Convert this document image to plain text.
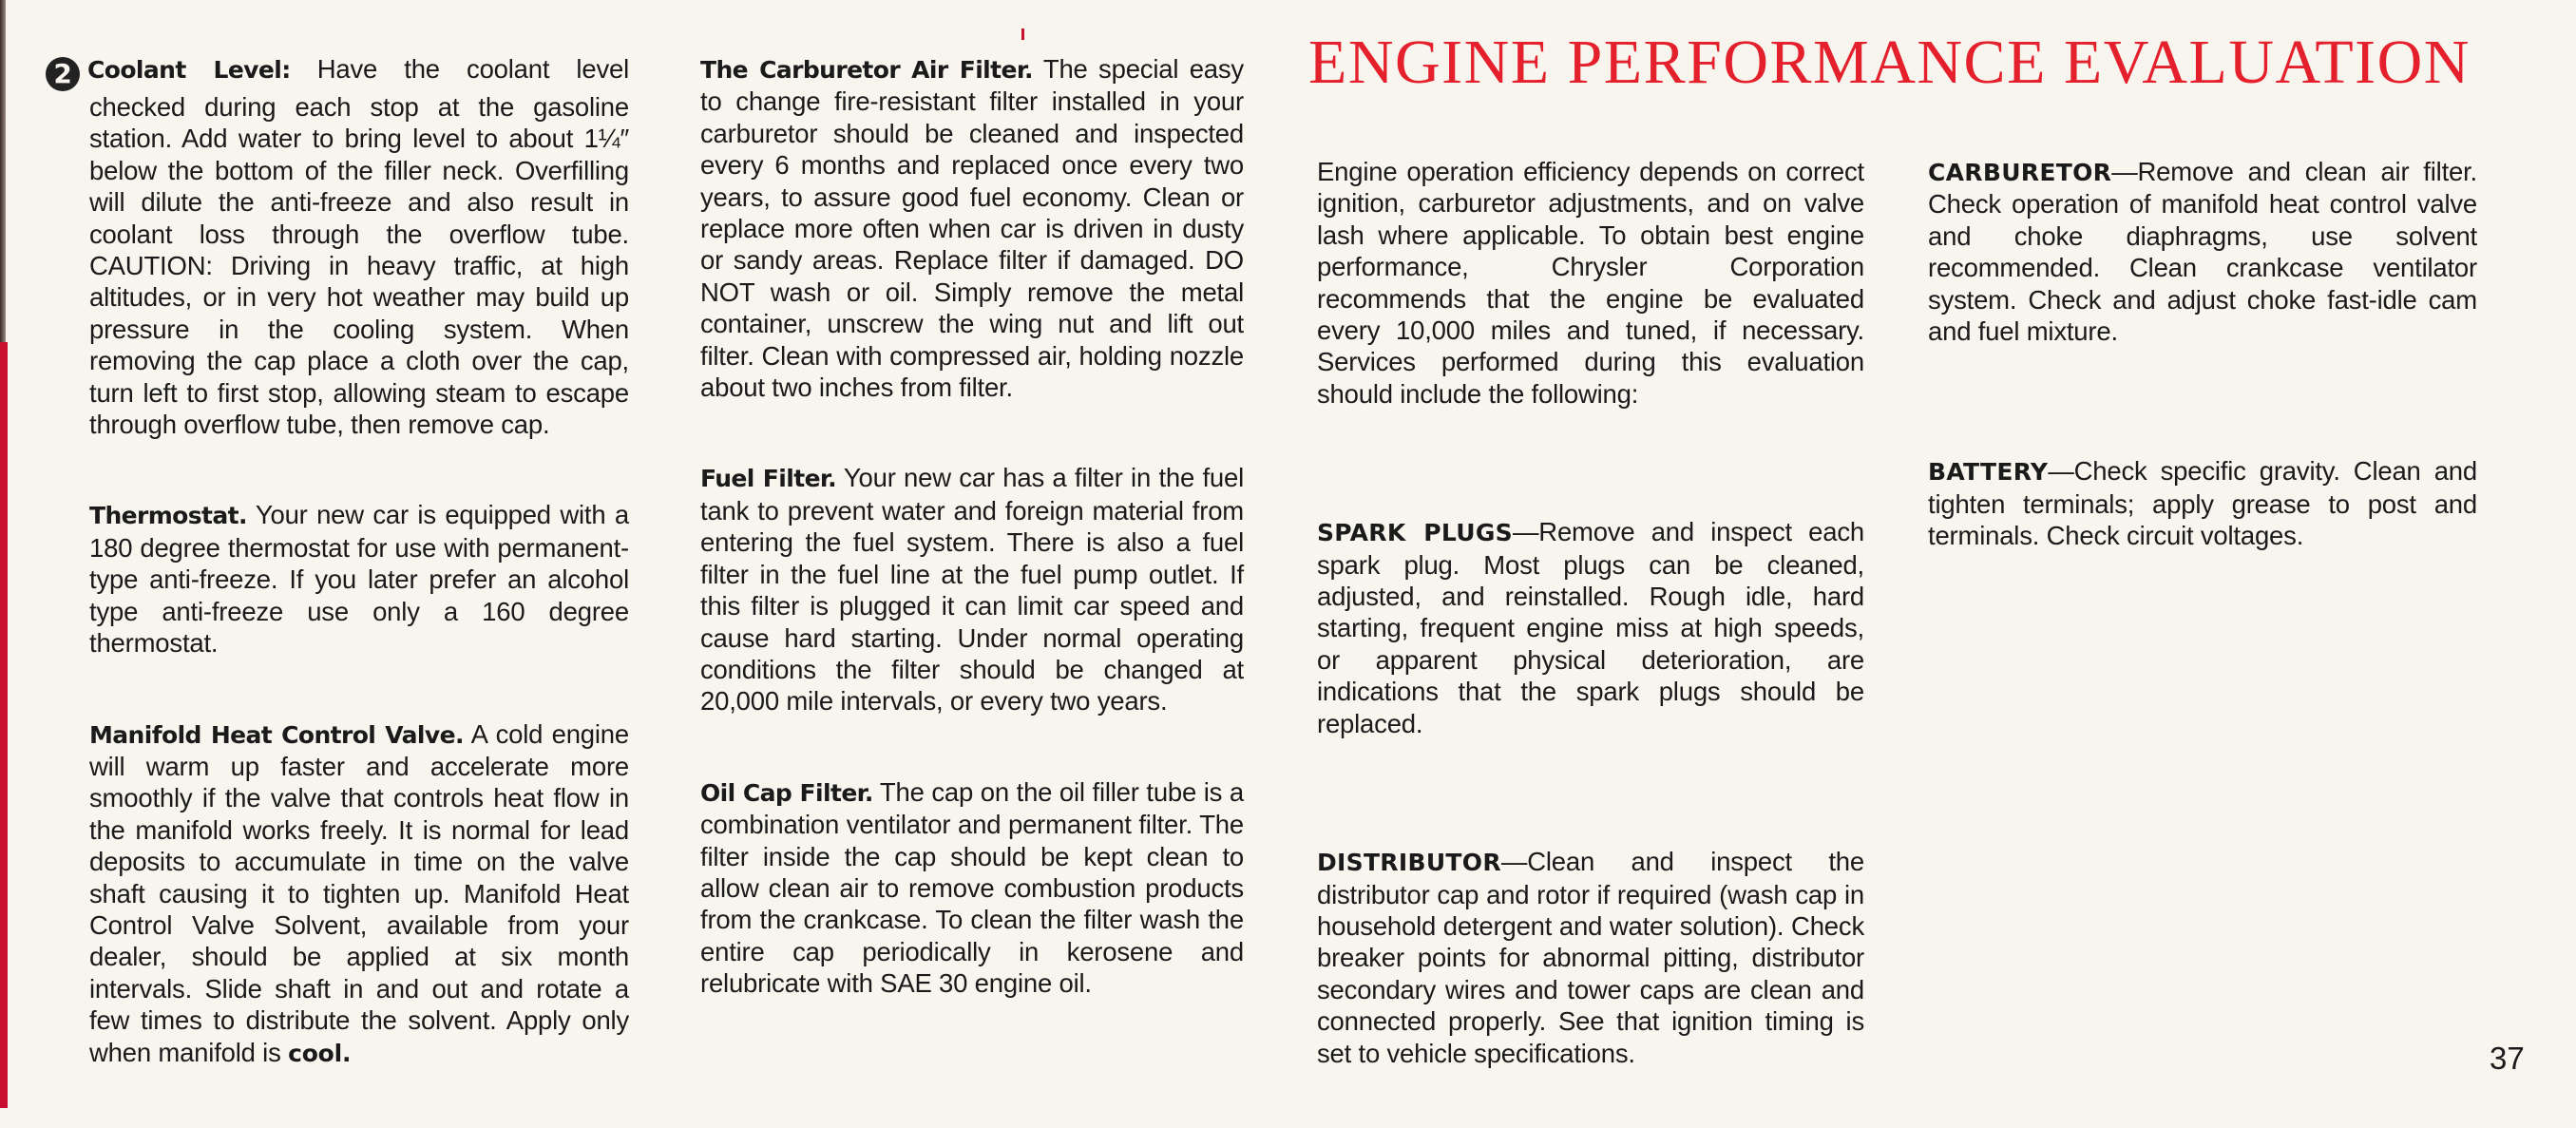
2 Coolant Level: Have the coolant level checked during each stop at the gasoline station. Add water to bring level to about 1¼″ below the bottom of the filler neck. Overfilling will dilute the anti-freeze and also result in coolant loss through the overflow tube. CAUTION: Driving in heavy traffic, at high altitudes, or in very hot weather may build up pressure in the cooling system. When removing the cap place a cloth over the cap, turn left to first stop, allowing steam to escape through overflow tube, then remove cap.

Thermostat. Your new car is equipped with a 180 degree thermostat for use with permanent-type anti-freeze. If you later prefer an alcohol type anti-freeze use only a 160 degree thermostat.

Manifold Heat Control Valve. A cold engine will warm up faster and accelerate more smoothly if the valve that controls heat flow in the manifold works freely. It is normal for lead deposits to accumulate in time on the valve shaft causing it to tighten up. Manifold Heat Control Valve Solvent, available from your dealer, should be applied at six month intervals. Slide shaft in and out and rotate a few times to distribute the solvent. Apply only when manifold is cool.

The Carburetor Air Filter. The special easy to change fire-resistant filter installed in your carburetor should be cleaned and inspected every 6 months and replaced once every two years, to assure good fuel economy. Clean or replace more often when car is driven in dusty or sandy areas. Replace filter if damaged. DO NOT wash or oil. Simply remove the metal container, unscrew the wing nut and lift out filter. Clean with compressed air, holding nozzle about two inches from filter.

Fuel Filter. Your new car has a filter in the fuel tank to prevent water and foreign material from entering the fuel system. There is also a fuel filter in the fuel line at the fuel pump outlet. If this filter is plugged it can limit car speed and cause hard starting. Under normal operating conditions the filter should be changed at 20,000 mile intervals, or every two years.

Oil Cap Filter. The cap on the oil filler tube is a combination ventilator and permanent filter. The filter inside the cap should be kept clean to allow clean air to remove combustion products from the crankcase. To clean the filter wash the entire cap periodically in kerosene and relubricate with SAE 30 engine oil.

ENGINE PERFORMANCE EVALUATION

Engine operation efficiency depends on correct ignition, carburetor adjustments, and on valve lash where applicable. To obtain best engine performance, Chrysler Corporation recommends that the engine be evaluated every 10,000 miles and tuned, if necessary. Services performed during this evaluation should include the following:

SPARK PLUGS—Remove and inspect each spark plug. Most plugs can be cleaned, adjusted, and reinstalled. Rough idle, hard starting, frequent engine miss at high speeds, or apparent physical deterioration, are indications that the spark plugs should be replaced.

DISTRIBUTOR—Clean and inspect the distributor cap and rotor if required (wash cap in household detergent and water solution). Check breaker points for abnormal pitting, distributor secondary wires and tower caps are clean and connected properly. See that ignition timing is set to vehicle specifications.

CARBURETOR—Remove and clean air filter. Check operation of manifold heat control valve and choke diaphragms, use solvent recommended. Clean crankcase ventilator system. Check and adjust choke fast-idle cam and fuel mixture.

BATTERY—Check specific gravity. Clean and tighten terminals; apply grease to post and terminals. Check circuit voltages.

37
